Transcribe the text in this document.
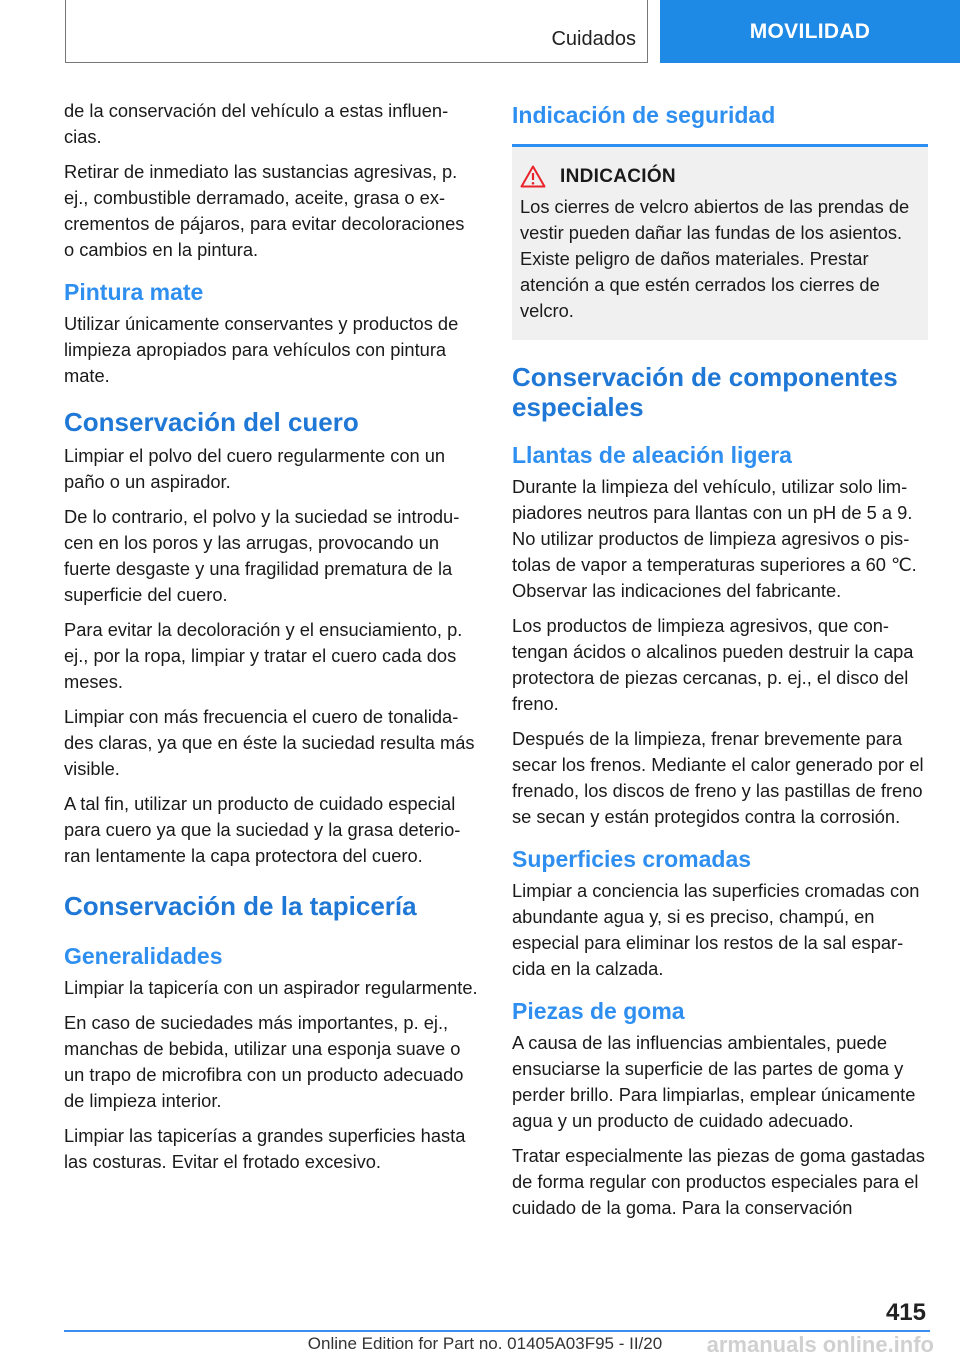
Cuidados	MOVILIDAD

de la conservación del vehículo a estas influencias.

Retirar de inmediato las sustancias agresivas, p. ej., combustible derramado, aceite, grasa o excrementos de pájaros, para evitar decoloraciones o cambios en la pintura.

Pintura mate

Utilizar únicamente conservantes y productos de limpieza apropiados para vehículos con pintura mate.

Conservación del cuero

Limpiar el polvo del cuero regularmente con un paño o un aspirador.

De lo contrario, el polvo y la suciedad se introducen en los poros y las arrugas, provocando un fuerte desgaste y una fragilidad prematura de la superficie del cuero.

Para evitar la decoloración y el ensuciamiento, p. ej., por la ropa, limpiar y tratar el cuero cada dos meses.

Limpiar con más frecuencia el cuero de tonalidades claras, ya que en éste la suciedad resulta más visible.

A tal fin, utilizar un producto de cuidado especial para cuero ya que la suciedad y la grasa deterioran lentamente la capa protectora del cuero.

Conservación de la tapicería
Generalidades

Limpiar la tapicería con un aspirador regularmente.

En caso de suciedades más importantes, p. ej., manchas de bebida, utilizar una esponja suave o un trapo de microfibra con un producto adecuado de limpieza interior.

Limpiar las tapicerías a grandes superficies hasta las costuras. Evitar el frotado excesivo.

Indicación de seguridad
INDICACIÓN

Los cierres de velcro abiertos de las prendas de vestir pueden dañar las fundas de los asientos. Existe peligro de daños materiales. Prestar atención a que estén cerrados los cierres de velcro.

Conservación de componentes especiales
Llantas de aleación ligera

Durante la limpieza del vehículo, utilizar solo limpiadores neutros para llantas con un pH de 5 a 9. No utilizar productos de limpieza agresivos o pistolas de vapor a temperaturas superiores a 60 ℃. Observar las indicaciones del fabricante.

Los productos de limpieza agresivos, que contengan ácidos o alcalinos pueden destruir la capa protectora de piezas cercanas, p. ej., el disco del freno.

Después de la limpieza, frenar brevemente para secar los frenos. Mediante el calor generado por el frenado, los discos de freno y las pastillas de freno se secan y están protegidos contra la corrosión.

Superficies cromadas

Limpiar a conciencia las superficies cromadas con abundante agua y, si es preciso, champú, en especial para eliminar los restos de la sal esparcida en la calzada.

Piezas de goma

A causa de las influencias ambientales, puede ensuciarse la superficie de las partes de goma y perder brillo. Para limpiarlas, emplear únicamente agua y un producto de cuidado adecuado.

Tratar especialmente las piezas de goma gastadas de forma regular con productos especiales para el cuidado de la goma. Para la conservación

415
Online Edition for Part no. 01405A03F95 - II/20	armanuals online.info
